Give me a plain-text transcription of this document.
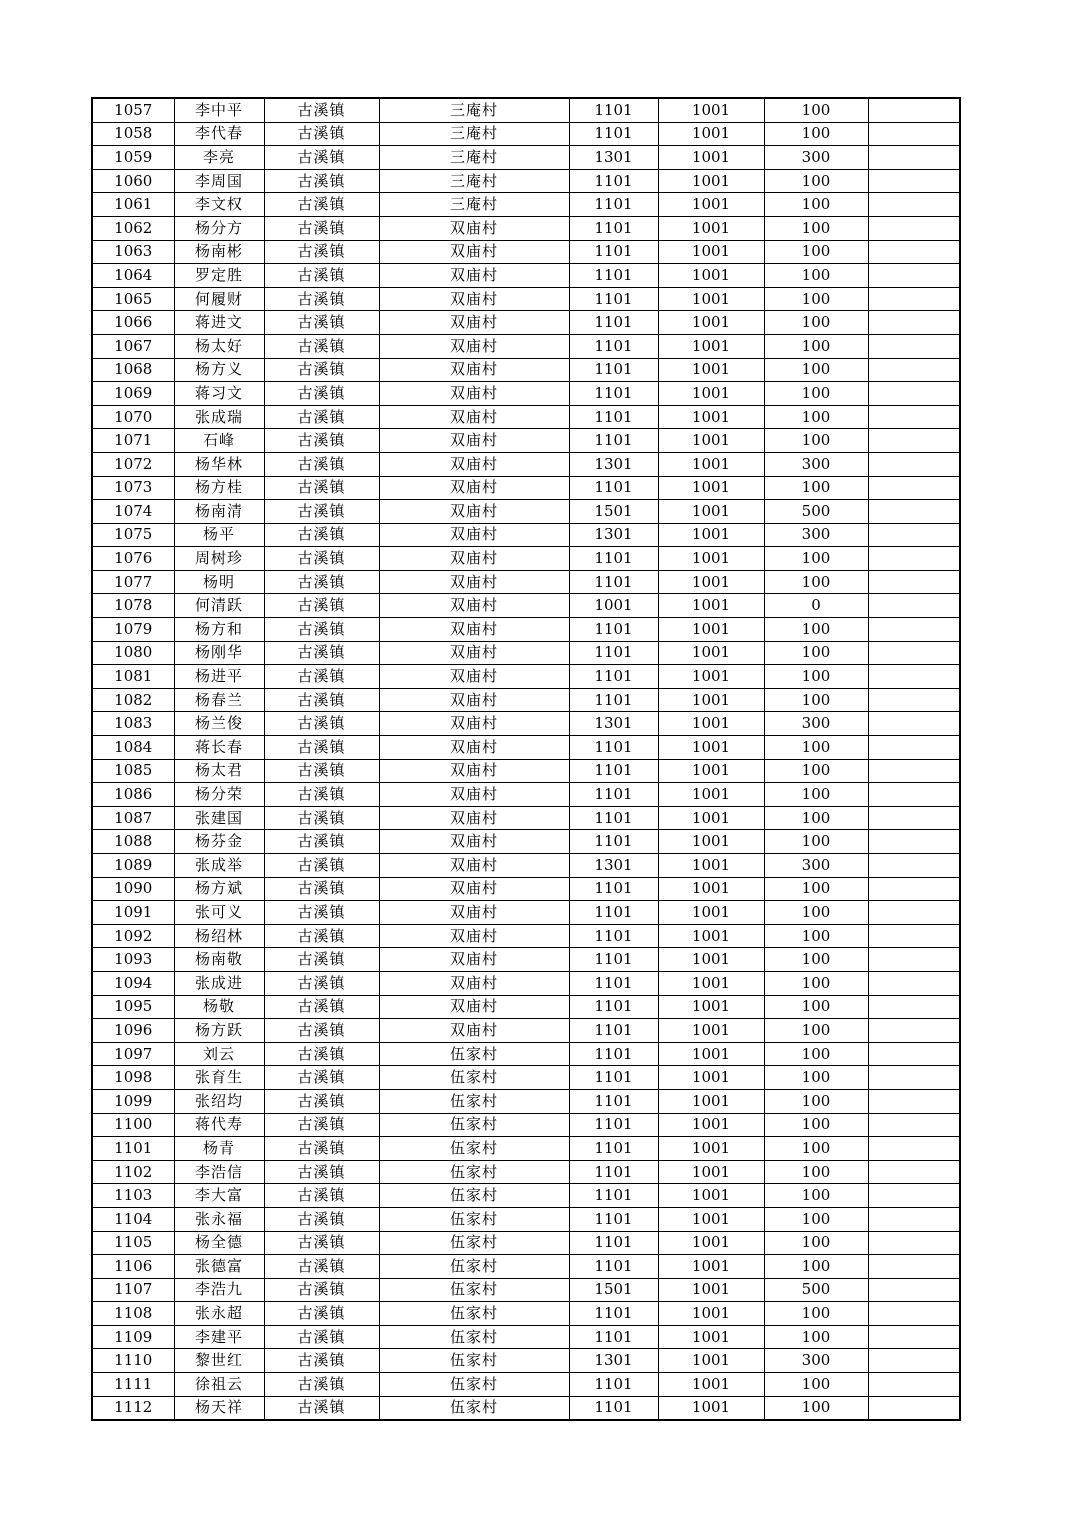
1057	李中平	古溪镇	三庵村	1101	1001	100	
1058	李代春	古溪镇	三庵村	1101	1001	100	
1059	李亮	古溪镇	三庵村	1301	1001	300	
1060	李周国	古溪镇	三庵村	1101	1001	100	
1061	李文权	古溪镇	三庵村	1101	1001	100	
1062	杨分方	古溪镇	双庙村	1101	1001	100	
1063	杨南彬	古溪镇	双庙村	1101	1001	100	
1064	罗定胜	古溪镇	双庙村	1101	1001	100	
1065	何履财	古溪镇	双庙村	1101	1001	100	
1066	蒋进文	古溪镇	双庙村	1101	1001	100	
1067	杨太好	古溪镇	双庙村	1101	1001	100	
1068	杨方义	古溪镇	双庙村	1101	1001	100	
1069	蒋习文	古溪镇	双庙村	1101	1001	100	
1070	张成瑞	古溪镇	双庙村	1101	1001	100	
1071	石峰	古溪镇	双庙村	1101	1001	100	
1072	杨华林	古溪镇	双庙村	1301	1001	300	
1073	杨方桂	古溪镇	双庙村	1101	1001	100	
1074	杨南清	古溪镇	双庙村	1501	1001	500	
1075	杨平	古溪镇	双庙村	1301	1001	300	
1076	周树珍	古溪镇	双庙村	1101	1001	100	
1077	杨明	古溪镇	双庙村	1101	1001	100	
1078	何清跃	古溪镇	双庙村	1001	1001	0	
1079	杨方和	古溪镇	双庙村	1101	1001	100	
1080	杨刚华	古溪镇	双庙村	1101	1001	100	
1081	杨进平	古溪镇	双庙村	1101	1001	100	
1082	杨春兰	古溪镇	双庙村	1101	1001	100	
1083	杨兰俊	古溪镇	双庙村	1301	1001	300	
1084	蒋长春	古溪镇	双庙村	1101	1001	100	
1085	杨太君	古溪镇	双庙村	1101	1001	100	
1086	杨分荣	古溪镇	双庙村	1101	1001	100	
1087	张建国	古溪镇	双庙村	1101	1001	100	
1088	杨芬金	古溪镇	双庙村	1101	1001	100	
1089	张成举	古溪镇	双庙村	1301	1001	300	
1090	杨方斌	古溪镇	双庙村	1101	1001	100	
1091	张可义	古溪镇	双庙村	1101	1001	100	
1092	杨绍林	古溪镇	双庙村	1101	1001	100	
1093	杨南敬	古溪镇	双庙村	1101	1001	100	
1094	张成进	古溪镇	双庙村	1101	1001	100	
1095	杨敬	古溪镇	双庙村	1101	1001	100	
1096	杨方跃	古溪镇	双庙村	1101	1001	100	
1097	刘云	古溪镇	伍家村	1101	1001	100	
1098	张育生	古溪镇	伍家村	1101	1001	100	
1099	张绍均	古溪镇	伍家村	1101	1001	100	
1100	蒋代寿	古溪镇	伍家村	1101	1001	100	
1101	杨青	古溪镇	伍家村	1101	1001	100	
1102	李浩信	古溪镇	伍家村	1101	1001	100	
1103	李大富	古溪镇	伍家村	1101	1001	100	
1104	张永福	古溪镇	伍家村	1101	1001	100	
1105	杨全德	古溪镇	伍家村	1101	1001	100	
1106	张德富	古溪镇	伍家村	1101	1001	100	
1107	李浩九	古溪镇	伍家村	1501	1001	500	
1108	张永超	古溪镇	伍家村	1101	1001	100	
1109	李建平	古溪镇	伍家村	1101	1001	100	
1110	黎世红	古溪镇	伍家村	1301	1001	300	
1111	徐祖云	古溪镇	伍家村	1101	1001	100	
1112	杨天祥	古溪镇	伍家村	1101	1001	100	
